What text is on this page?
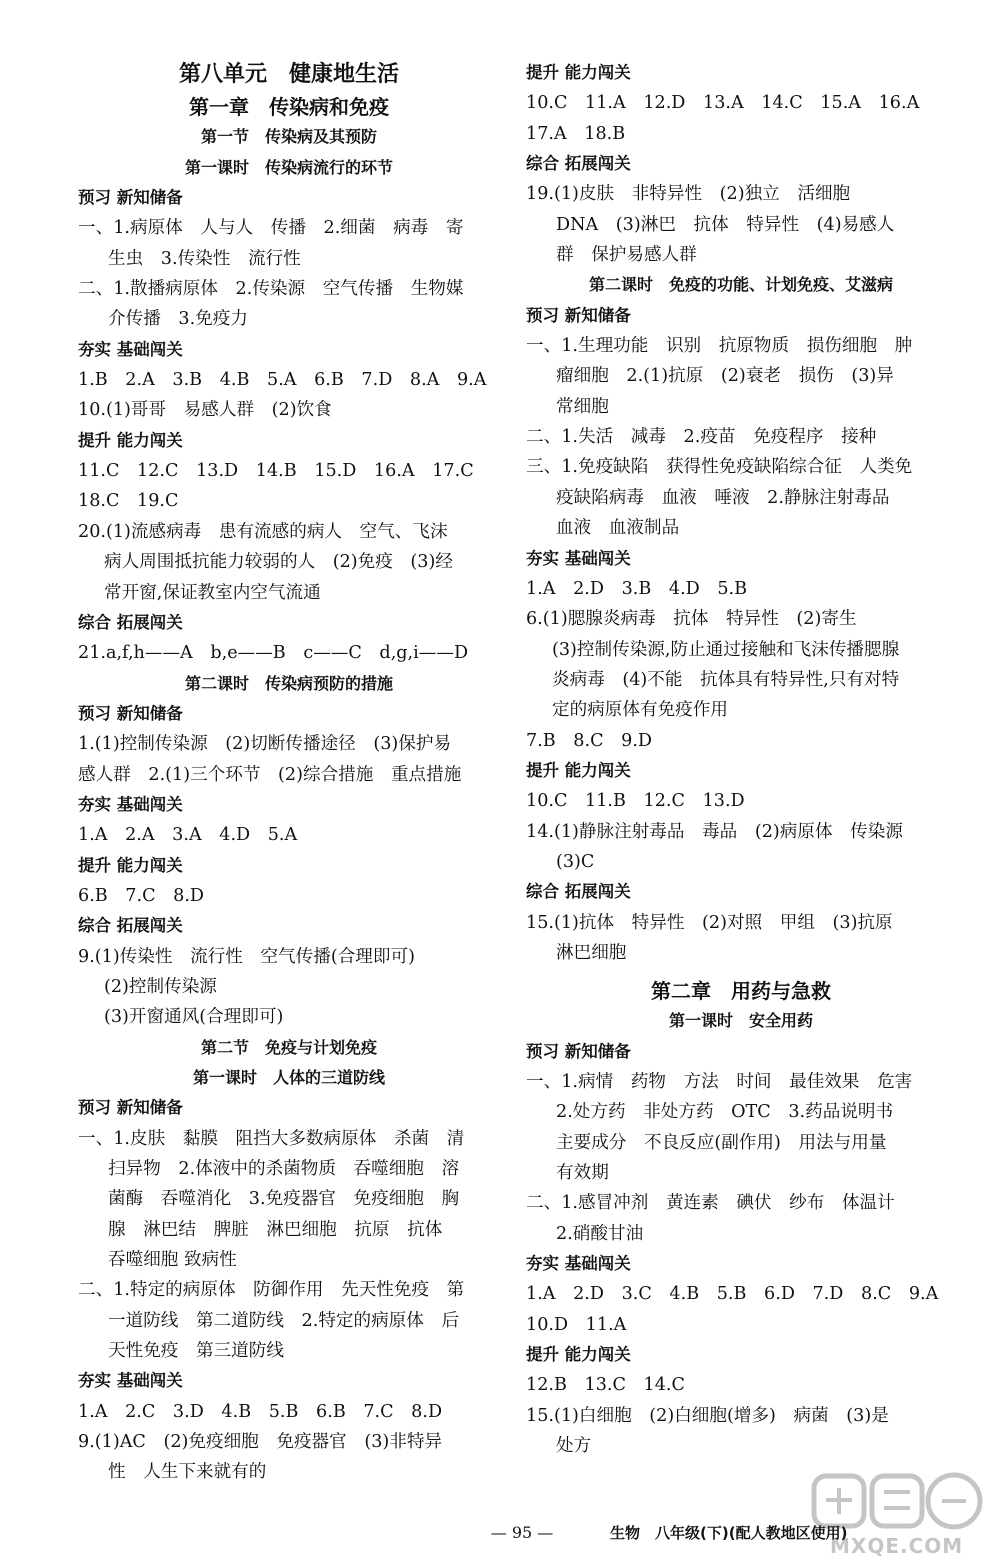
第八单元　健康地生活
第一章　传染病和免疫
第一节　传染病及其预防
第一课时　传染病流行的环节
预习 新知储备
一、1.病原体　人与人　传播　2.细菌　病毒　寄
生虫　3.传染性　流行性
二、1.散播病原体　2.传染源　空气传播　生物媒
介传播　3.免疫力
夯实 基础闯关
1.B　2.A　3.B　4.B　5.A　6.B　7.D　8.A　9.A
10.(1)哥哥　易感人群　(2)饮食
提升 能力闯关
11.C　12.C　13.D　14.B　15.D　16.A　17.C
18.C　19.C
20.(1)流感病毒　患有流感的病人　空气、飞沫
病人周围抵抗能力较弱的人　(2)免疫　(3)经
常开窗,保证教室内空气流通
综合 拓展闯关
21.a,f,h——A　b,e——B　c——C　d,g,i——D
第二课时　传染病预防的措施
预习 新知储备
1.(1)控制传染源　(2)切断传播途径　(3)保护易
感人群　2.(1)三个环节　(2)综合措施　重点措施
夯实 基础闯关
1.A　2.A　3.A　4.D　5.A
提升 能力闯关
6.B　7.C　8.D
综合 拓展闯关
9.(1)传染性　流行性　空气传播(合理即可)
(2)控制传染源
(3)开窗通风(合理即可)
第二节　免疫与计划免疫
第一课时　人体的三道防线
预习 新知储备
一、1.皮肤　黏膜　阻挡大多数病原体　杀菌　清
扫异物　2.体液中的杀菌物质　吞噬细胞　溶
菌酶　吞噬消化　3.免疫器官　免疫细胞　胸
腺　淋巴结　脾脏　淋巴细胞　抗原　抗体
吞噬细胞 致病性
二、1.特定的病原体　防御作用　先天性免疫　第
一道防线　第二道防线　2.特定的病原体　后
天性免疫　第三道防线
夯实 基础闯关
1.A　2.C　3.D　4.B　5.B　6.B　7.C　8.D
9.(1)AC　(2)免疫细胞　免疫器官　(3)非特异
性　人生下来就有的
提升 能力闯关
10.C　11.A　12.D　13.A　14.C　15.A　16.A
17.A　18.B
综合 拓展闯关
19.(1)皮肤　非特异性　(2)独立　活细胞
DNA　(3)淋巴　抗体　特异性　(4)易感人
群　保护易感人群
第二课时　免疫的功能、计划免疫、艾滋病
预习 新知储备
一、1.生理功能　识别　抗原物质　损伤细胞　肿
瘤细胞　2.(1)抗原　(2)衰老　损伤　(3)异
常细胞
二、1.失活　减毒　2.疫苗　免疫程序　接种
三、1.免疫缺陷　获得性免疫缺陷综合征　人类免
疫缺陷病毒　血液　唾液　2.静脉注射毒品
血液　血液制品
夯实 基础闯关
1.A　2.D　3.B　4.D　5.B
6.(1)腮腺炎病毒　抗体　特异性　(2)寄生
(3)控制传染源,防止通过接触和飞沫传播腮腺
炎病毒　(4)不能　抗体具有特异性,只有对特
定的病原体有免疫作用
7.B　8.C　9.D
提升 能力闯关
10.C　11.B　12.C　13.D
14.(1)静脉注射毒品　毒品　(2)病原体　传染源
(3)C
综合 拓展闯关
15.(1)抗体　特异性　(2)对照　甲组　(3)抗原
淋巴细胞
第二章　用药与急救
第一课时　安全用药
预习 新知储备
一、1.病情　药物　方法　时间　最佳效果　危害
2.处方药　非处方药　OTC　3.药品说明书
主要成分　不良反应(副作用)　用法与用量
有效期
二、1.感冒冲剂　黄连素　碘伏　纱布　体温计
2.硝酸甘油
夯实 基础闯关
1.A　2.D　3.C　4.B　5.B　6.D　7.D　8.C　9.A
10.D　11.A
提升 能力闯关
12.B　13.C　14.C
15.(1)白细胞　(2)白细胞(增多)　病菌　(3)是
处方
— 95 —	生物　八年级(下)(配人教地区使用)
MXQE.COM
